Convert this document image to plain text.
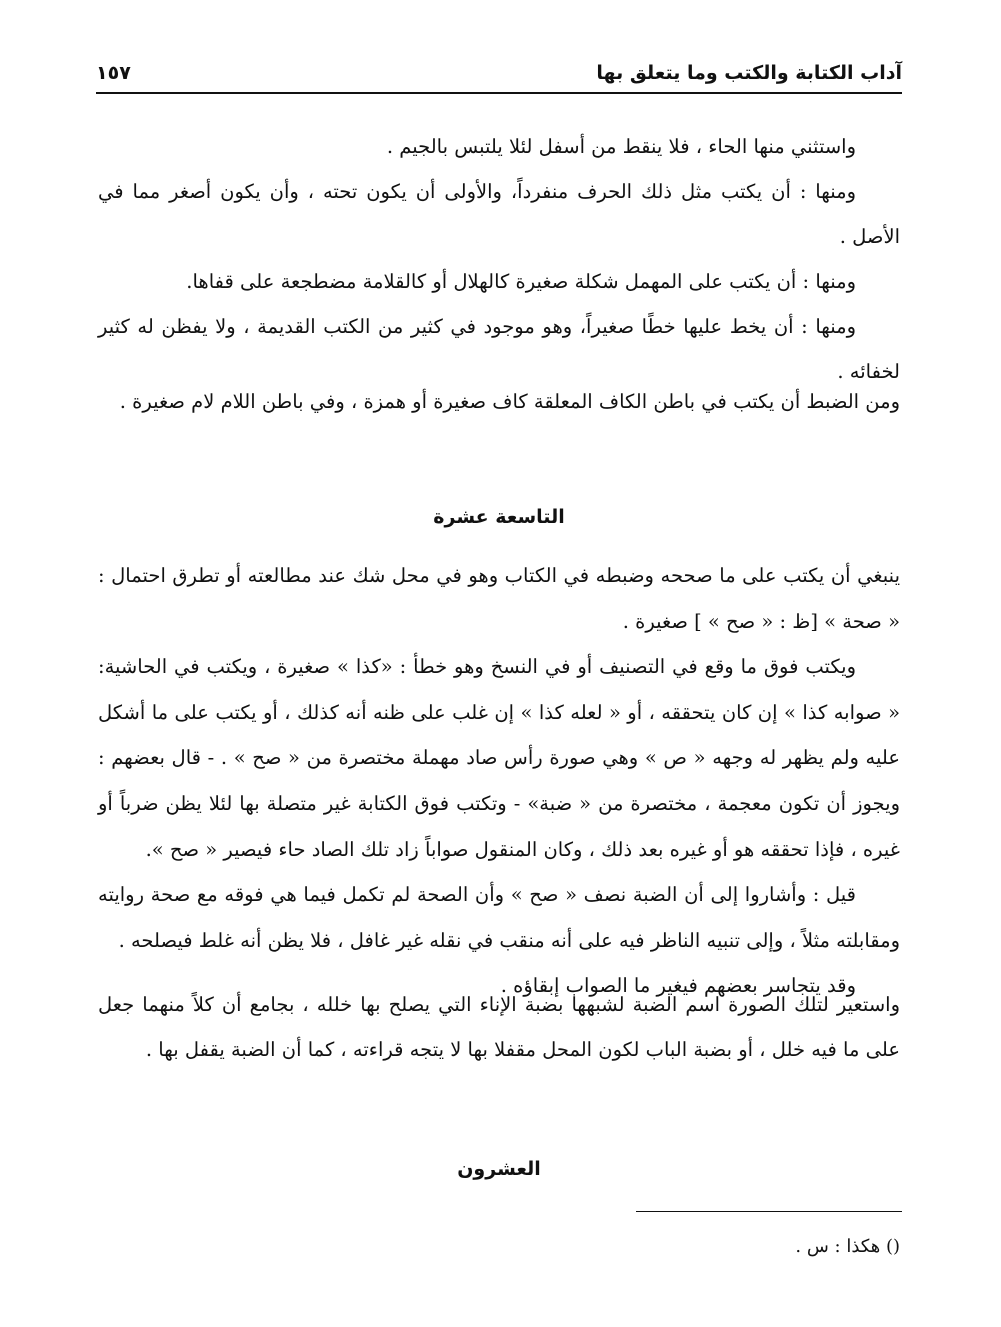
آداب الكتابة والكتب وما يتعلق بها
١٥٧

واستثني منها الحاء ، فلا ينقط من أسفل لئلا يلتبس بالجيم .

ومنها : أن يكتب مثل ذلك الحرف منفرداً، والأولى أن يكون تحته ، وأن يكون أصغر مما في الأصل .

ومنها : أن يكتب على المهمل شكلة صغيرة كالهلال أو كالقلامة مضطجعة على قفاها.

ومنها : أن يخط عليها خطًا صغيراً، وهو موجود في كثير من الكتب القديمة ، ولا يفظن له كثير لخفائه .

ومن الضبط أن يكتب في باطن الكاف المعلقة كاف صغيرة أو همزة ، وفي باطن اللام لام صغيرة .

التاسعة عشرة

ينبغي أن يكتب على ما صححه وضبطه في الكتاب وهو في محل شك عند مطالعته أو تطرق احتمال : « صحة » [ظ : « صح » ] صغيرة .

ويكتب فوق ما وقع في التصنيف أو في النسخ وهو خطأ : «كذا » صغيرة ، ويكتب في الحاشية: « صوابه كذا » إن كان يتحققه ، أو « لعله كذا » إن غلب على ظنه أنه كذلك ، أو يكتب على ما أشكل عليه ولم يظهر له وجهه « ص » وهي صورة رأس صاد مهملة مختصرة من « صح » . - قال بعضهم : ويجوز أن تكون معجمة ، مختصرة من « ضبة» - وتكتب فوق الكتابة غير متصلة بها لئلا يظن ضرباً أو غيره ، فإذا تحققه هو أو غيره بعد ذلك ، وكان المنقول صواباً زاد تلك الصاد حاء فيصير « صح ».

قيل : وأشاروا إلى أن الضبة نصف « صح » وأن الصحة لم تكمل فيما هي فوقه مع صحة روايته ومقابلته مثلاً ، وإلى تنبيه الناظر فيه على أنه منقب في نقله غير غافل ، فلا يظن أنه غلط فيصلحه .

وقد يتجاسر بعضهم فيغير ما الصواب إبقاؤه .

واستعير لتلك الصورة اسم الضبة لشبهها بضبة الإناء التي يصلح بها خلله ، بجامع أن كلاً منهما جعل على ما فيه خلل ، أو بضبة الباب لكون المحل مقفلا بها لا يتجه قراءته ، كما أن الضبة يقفل بها .

العشرون
() هكذا : س .
